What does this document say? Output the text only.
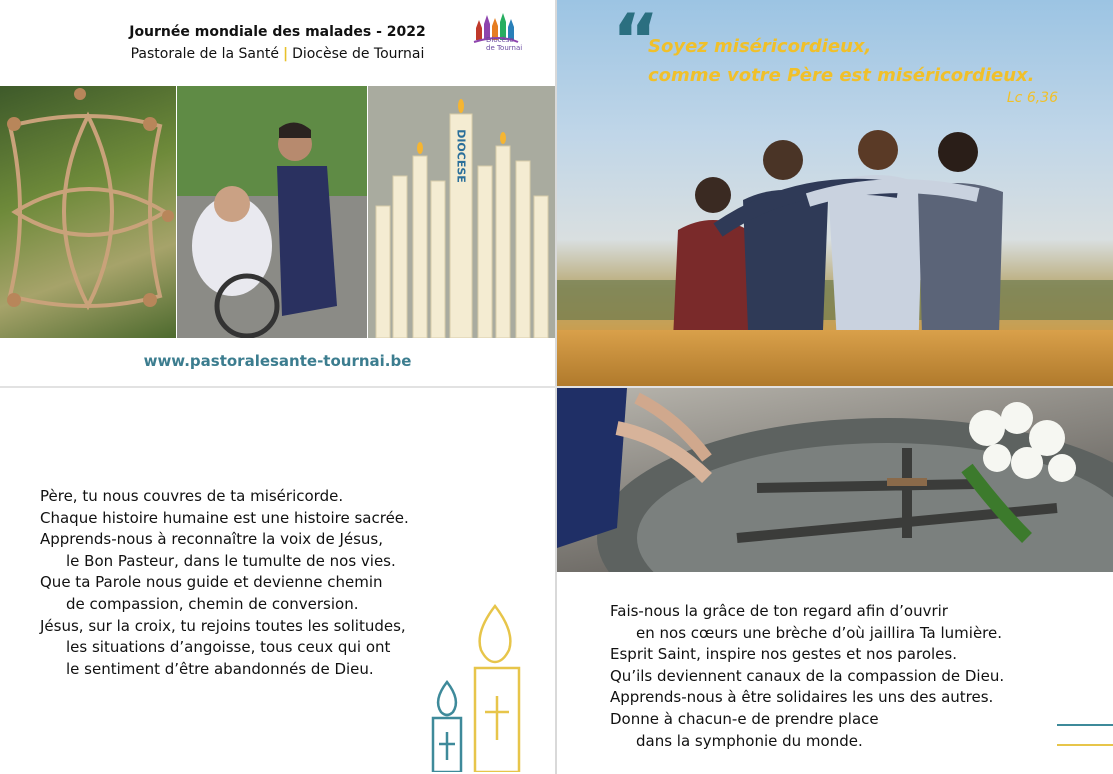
Journée mondiale des malades - 2022
Pastorale de la Santé | Diocèse de Tournai
Diocèse
de Tournai
DIOCESE
www.pastoralesante-tournai.be
“
Soyez miséricordieux,
comme votre Père est miséricordieux.
Lc 6,36
Père, tu nous couvres de ta miséricorde.
Chaque histoire humaine est une histoire sacrée.
Apprends-nous à reconnaître la voix de Jésus,
le Bon Pasteur, dans le tumulte de nos vies.
Que ta Parole nous guide et devienne chemin
de compassion, chemin de conversion.
Jésus, sur la croix, tu rejoins toutes les solitudes,
les situations d’angoisse, tous ceux qui ont
le sentiment d’être abandonnés de Dieu.
Fais-nous la grâce de ton regard afin d’ouvrir
en nos cœurs une brèche d’où jaillira Ta lumière.
Esprit Saint, inspire nos gestes et nos paroles.
Qu’ils deviennent canaux de la compassion de Dieu.
Apprends-nous à être solidaires les uns des autres.
Donne à chacun-e de prendre place
dans la symphonie du monde.
